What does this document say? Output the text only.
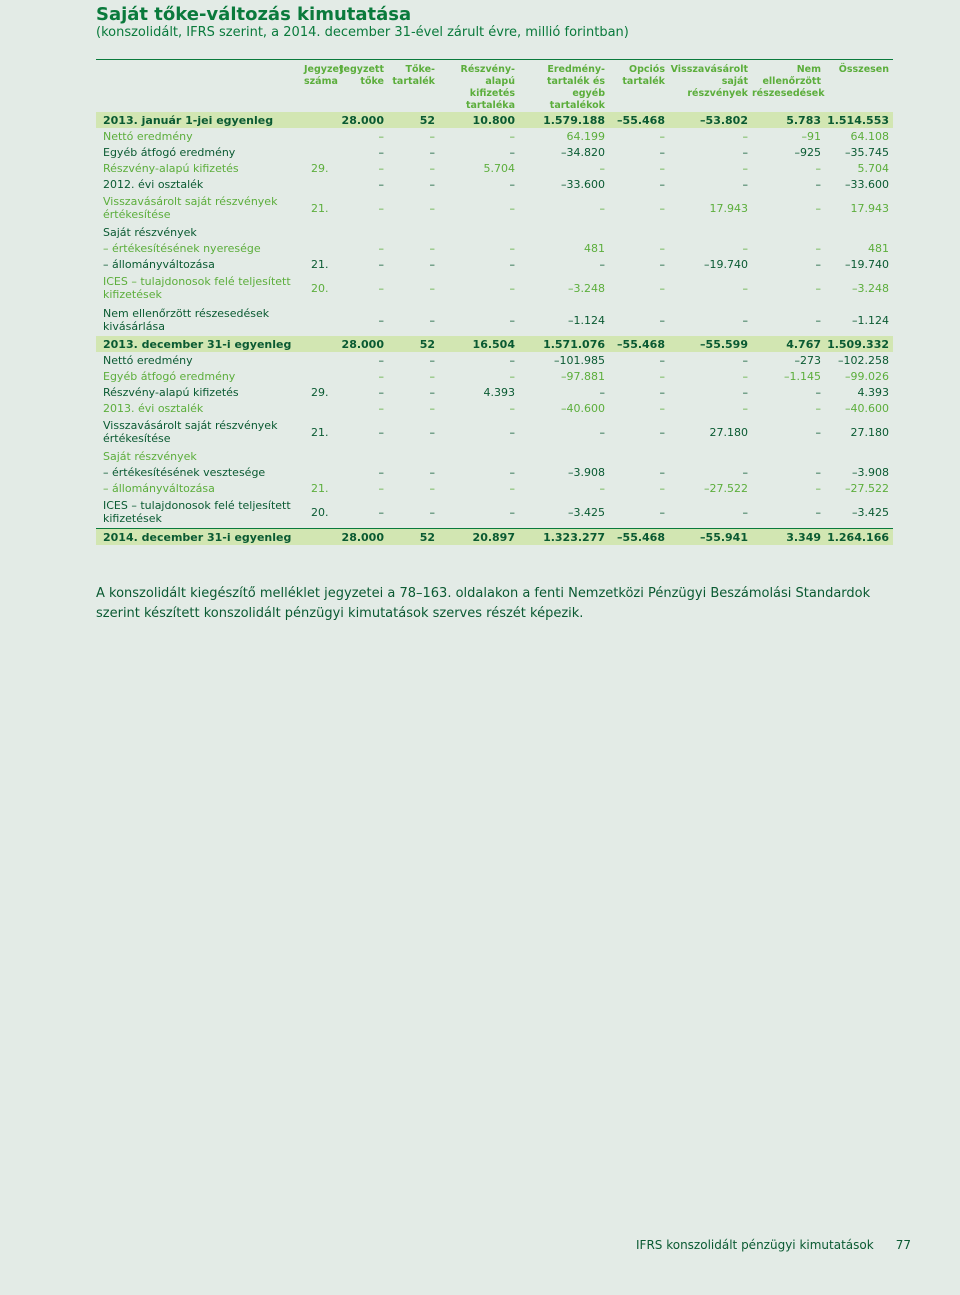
Saját tőke-változás kimutatása
(konszolidált, IFRS szerint, a 2014. december 31-ével zárult évre, millió forintban)
	Jegyzet száma	Jegyzett tőke	Tőke-tartalék	Részvény-alapú kifizetés tartaléka	Eredmény-tartalék és egyéb tartalékok	Opciós tartalék	Visszavásárolt saját részvények	Nem ellenőrzött részesedések	Összesen
2013. január 1-jei egyenleg		28.000	52	10.800	1.579.188	–55.468	–53.802	5.783	1.514.553
Nettó eredmény		–	–	–	64.199	–	–	–91	64.108
Egyéb átfogó eredmény		–	–	–	–34.820	–	–	–925	–35.745
Részvény-alapú kifizetés	29.	–	–	5.704	–	–	–	–	5.704
2012. évi osztalék		–	–	–	–33.600	–	–	–	–33.600
Visszavásárolt saját részvények értékesítése	21.	–	–	–	–	–	17.943	–	17.943
Saját részvények									
– értékesítésének nyeresége		–	–	–	481	–	–	–	481
– állományváltozása	21.	–	–	–	–	–	–19.740	–	–19.740
ICES – tulajdonosok felé teljesített kifizetések	20.	–	–	–	–3.248	–	–	–	–3.248
Nem ellenőrzött részesedések kivásárlása		–	–	–	–1.124	–	–	–	–1.124
2013. december 31-i egyenleg		28.000	52	16.504	1.571.076	–55.468	–55.599	4.767	1.509.332
Nettó eredmény		–	–	–	–101.985	–	–	–273	–102.258
Egyéb átfogó eredmény		–	–	–	–97.881	–	–	–1.145	–99.026
Részvény-alapú kifizetés	29.	–	–	4.393	–	–	–	–	4.393
2013. évi osztalék		–	–	–	–40.600	–	–	–	–40.600
Visszavásárolt saját részvények értékesítése	21.	–	–	–	–	–	27.180	–	27.180
Saját részvények									
– értékesítésének vesztesége		–	–	–	–3.908	–	–	–	–3.908
– állományváltozása	21.	–	–	–	–	–	–27.522	–	–27.522
ICES – tulajdonosok felé teljesített kifizetések	20.	–	–	–	–3.425	–	–	–	–3.425
2014. december 31-i egyenleg		28.000	52	20.897	1.323.277	–55.468	–55.941	3.349	1.264.166
A konszolidált kiegészítő melléklet jegyzetei a 78–163. oldalakon a fenti Nemzetközi Pénzügyi Beszámolási Standardok szerint készített konszolidált pénzügyi kimutatások szerves részét képezik.
IFRS konszolidált pénzügyi kimutatások 77
